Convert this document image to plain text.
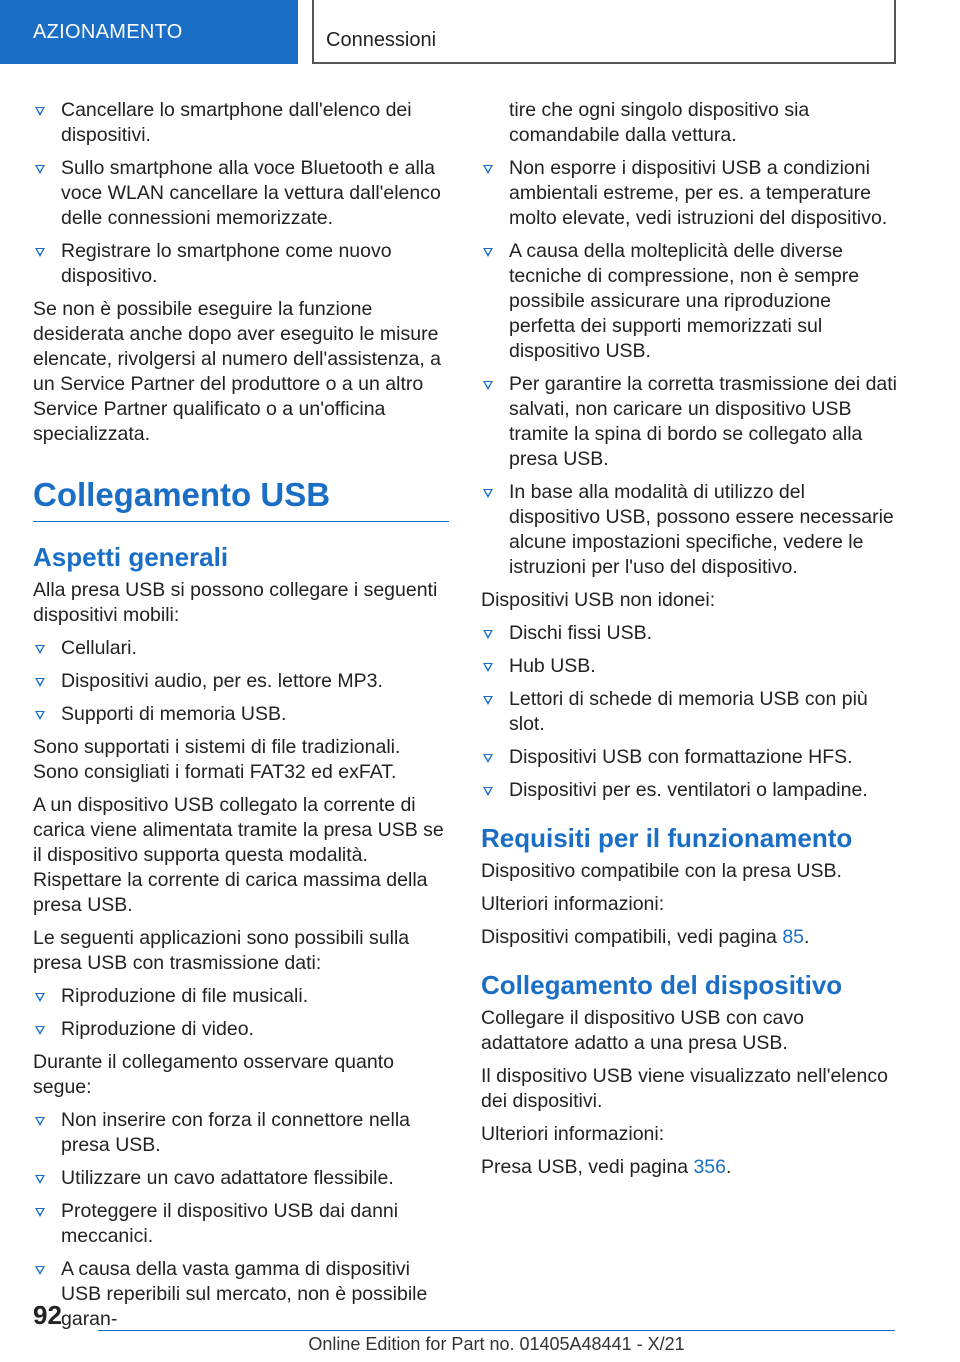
AZIONAMENTO	Connessioni
Cancellare lo smartphone dall'elenco dei dispositivi.
Sullo smartphone alla voce Bluetooth e alla voce WLAN cancellare la vettura dall'elenco delle connessioni memorizzate.
Registrare lo smartphone come nuovo dispositivo.

Se non è possibile eseguire la funzione desiderata anche dopo aver eseguito le misure elencate, rivolgersi al numero dell'assistenza, a un Service Partner del produttore o a un altro Service Partner qualificato o a un'officina specializzata.

Collegamento USB
Aspetti generali

Alla presa USB si possono collegare i seguenti dispositivi mobili:

Cellulari.
Dispositivi audio, per es. lettore MP3.
Supporti di memoria USB.

Sono supportati i sistemi di file tradizionali. Sono consigliati i formati FAT32 ed exFAT.

A un dispositivo USB collegato la corrente di carica viene alimentata tramite la presa USB se il dispositivo supporta questa modalità. Rispettare la corrente di carica massima della presa USB.

Le seguenti applicazioni sono possibili sulla presa USB con trasmissione dati:

Riproduzione di file musicali.
Riproduzione di video.

Durante il collegamento osservare quanto segue:

Non inserire con forza il connettore nella presa USB.
Utilizzare un cavo adattatore flessibile.
Proteggere il dispositivo USB dai danni meccanici.
A causa della vasta gamma di dispositivi USB reperibili sul mercato, non è possibile garan-
tire che ogni singolo dispositivo sia comandabile dalla vettura.
Non esporre i dispositivi USB a condizioni ambientali estreme, per es. a temperature molto elevate, vedi istruzioni del dispositivo.
A causa della molteplicità delle diverse tecniche di compressione, non è sempre possibile assicurare una riproduzione perfetta dei supporti memorizzati sul dispositivo USB.
Per garantire la corretta trasmissione dei dati salvati, non caricare un dispositivo USB tramite la spina di bordo se collegato alla presa USB.
In base alla modalità di utilizzo del dispositivo USB, possono essere necessarie alcune impostazioni specifiche, vedere le istruzioni per l'uso del dispositivo.

Dispositivi USB non idonei:

Dischi fissi USB.
Hub USB.
Lettori di schede di memoria USB con più slot.
Dispositivi USB con formattazione HFS.
Dispositivi per es. ventilatori o lampadine.
Requisiti per il funzionamento

Dispositivo compatibile con la presa USB.

Ulteriori informazioni:

Dispositivi compatibili, vedi pagina 85.

Collegamento del dispositivo

Collegare il dispositivo USB con cavo adattatore adatto a una presa USB.

Il dispositivo USB viene visualizzato nell'elenco dei dispositivi.

Ulteriori informazioni:

Presa USB, vedi pagina 356.

92
Online Edition for Part no. 01405A48441 - X/21
